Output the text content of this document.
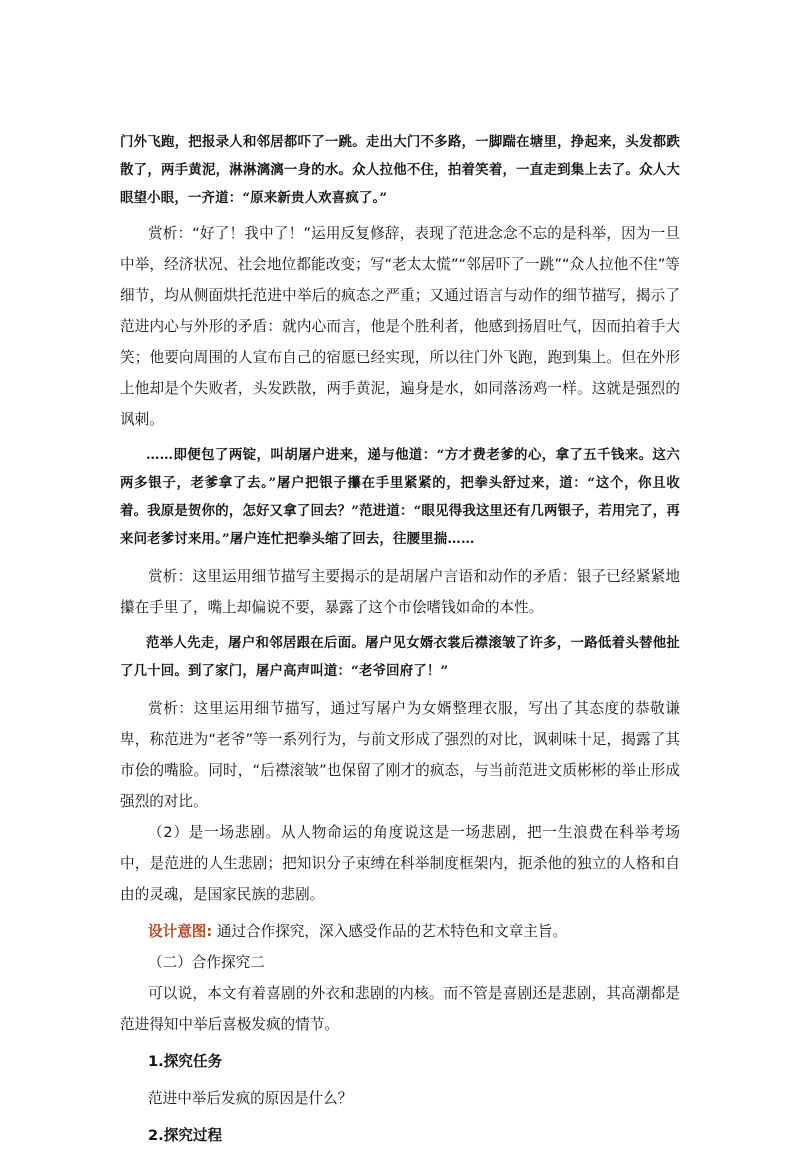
门外飞跑，把报录人和邻居都吓了一跳。走出大门不多路，一脚踹在塘里，挣起来，头发都跌散了，两手黄泥，淋淋漓漓一身的水。众人拉他不住，拍着笑着，一直走到集上去了。众人大眼望小眼，一齐道：“原来新贵人欢喜疯了。”

赏析：“好了！我中了！”运用反复修辞，表现了范进念念不忘的是科举，因为一旦中举，经济状况、社会地位都能改变；写“老太太慌”“邻居吓了一跳”“众人拉他不住”等细节，均从侧面烘托范进中举后的疯态之严重；又通过语言与动作的细节描写，揭示了范进内心与外形的矛盾：就内心而言，他是个胜利者，他感到扬眉吐气，因而拍着手大笑；他要向周围的人宣布自己的宿愿已经实现，所以往门外飞跑，跑到集上。但在外形上他却是个失败者，头发跌散，两手黄泥，遍身是水，如同落汤鸡一样。这就是强烈的讽刺。

……即便包了两锭，叫胡屠户进来，递与他道：“方才费老爹的心，拿了五千钱来。这六两多银子，老爹拿了去。”屠户把银子攥在手里紧紧的，把拳头舒过来，道：“这个，你且收着。我原是贺你的，怎好又拿了回去？”范进道：“眼见得我这里还有几两银子，若用完了，再来问老爹讨来用。”屠户连忙把拳头缩了回去，往腰里揣……

赏析：这里运用细节描写主要揭示的是胡屠户言语和动作的矛盾：银子已经紧紧地攥在手里了，嘴上却偏说不要，暴露了这个市侩嗜钱如命的本性。

范举人先走，屠户和邻居跟在后面。屠户见女婿衣裳后襟滚皱了许多，一路低着头替他扯了几十回。到了家门，屠户高声叫道：“老爷回府了！”

赏析：这里运用细节描写，通过写屠户为女婿整理衣服，写出了其态度的恭敬谦卑，称范进为“老爷”等一系列行为，与前文形成了强烈的对比，讽刺味十足，揭露了其市侩的嘴脸。同时，“后襟滚皱”也保留了刚才的疯态，与当前范进文质彬彬的举止形成强烈的对比。

（2）是一场悲剧。从人物命运的角度说这是一场悲剧，把一生浪费在科举考场中，是范进的人生悲剧；把知识分子束缚在科举制度框架内，扼杀他的独立的人格和自由的灵魂，是国家民族的悲剧。

设计意图: 通过合作探究，深入感受作品的艺术特色和文章主旨。

（二）合作探究二

可以说，本文有着喜剧的外衣和悲剧的内核。而不管是喜剧还是悲剧，其高潮都是范进得知中举后喜极发疯的情节。

1.探究任务

范进中举后发疯的原因是什么？

2.探究过程
